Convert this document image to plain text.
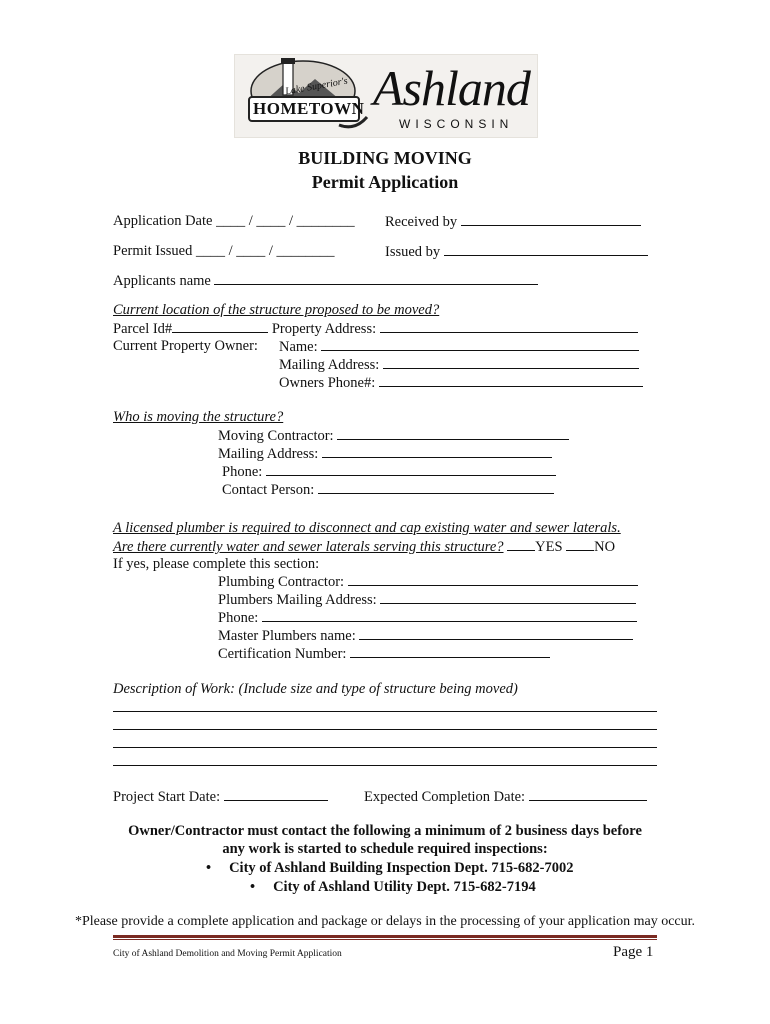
Lake Superior's
HOMETOWN Ashland
WISCONSIN
BUILDING MOVING
Permit Application
Application Date ____ / ____ / ________ Received by
Permit Issued ____ / ____ / ________	Issued by
Applicants name
Current location of the structure proposed to be moved?
Parcel Id#	Property Address:
Current Property Owner: Name:
Mailing Address:
Owners Phone#:
Who is moving the structure?
Moving Contractor:
Mailing Address:
Phone:
Contact Person:
A licensed plumber is required to disconnect and cap existing water and sewer laterals.
Are there currently water and sewer laterals serving this structure? YES NO
If yes, please complete this section:
Plumbing Contractor:
Plumbers Mailing Address:
Phone:
Master Plumbers name:
Certification Number:
Description of Work: (Include size and type of structure being moved)
Project Start Date:	Expected Completion Date:
Owner/Contractor must contact the following a minimum of 2 business days before
any work is started to schedule required inspections:
• City of Ashland Building Inspection Dept. 715-682-7002
• City of Ashland Utility Dept. 715-682-7194
*Please provide a complete application and package or delays in the processing of your application may occur.
City of Ashland Demolition and Moving Permit Application	Page 1
